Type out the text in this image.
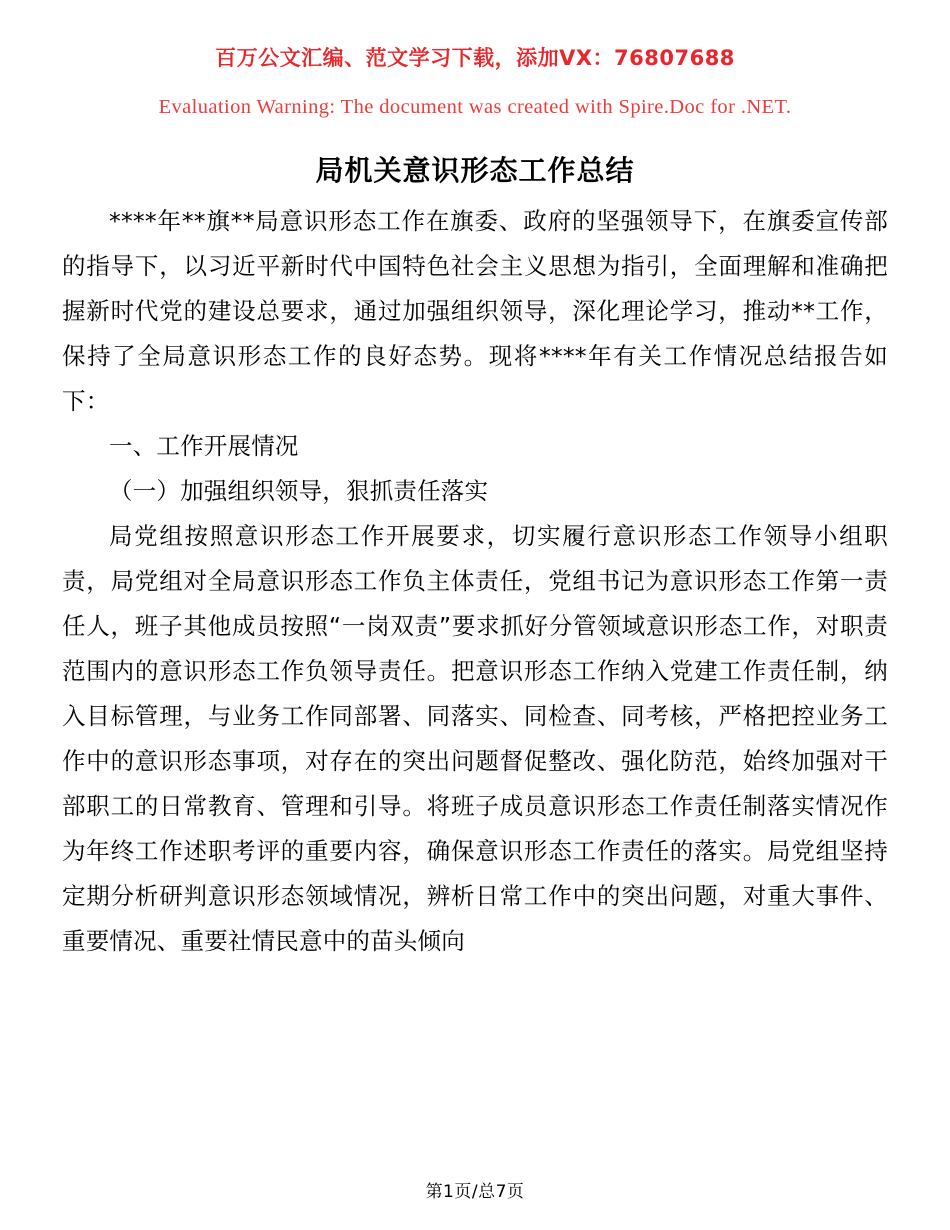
百万公文汇编、范文学习下载，添加VX：76807688
Evaluation Warning: The document was created with Spire.Doc for .NET.
局机关意识形态工作总结

****年**旗**局意识形态工作在旗委、政府的坚强领导下，在旗委宣传部的指导下，以习近平新时代中国特色社会主义思想为指引，全面理解和准确把握新时代党的建设总要求，通过加强组织领导，深化理论学习，推动**工作，保持了全局意识形态工作的良好态势。现将****年有关工作情况总结报告如下：

一、工作开展情况

（一）加强组织领导，狠抓责任落实

局党组按照意识形态工作开展要求，切实履行意识形态工作领导小组职责，局党组对全局意识形态工作负主体责任，党组书记为意识形态工作第一责任人，班子其他成员按照“一岗双责”要求抓好分管领域意识形态工作，对职责范围内的意识形态工作负领导责任。把意识形态工作纳入党建工作责任制，纳入目标管理，与业务工作同部署、同落实、同检查、同考核，严格把控业务工作中的意识形态事项，对存在的突出问题督促整改、强化防范，始终加强对干部职工的日常教育、管理和引导。将班子成员意识形态工作责任制落实情况作为年终工作述职考评的重要内容，确保意识形态工作责任的落实。局党组坚持定期分析研判意识形态领域情况，辨析日常工作中的突出问题，对重大事件、重要情况、重要社情民意中的苗头倾向

第1页/总7页
